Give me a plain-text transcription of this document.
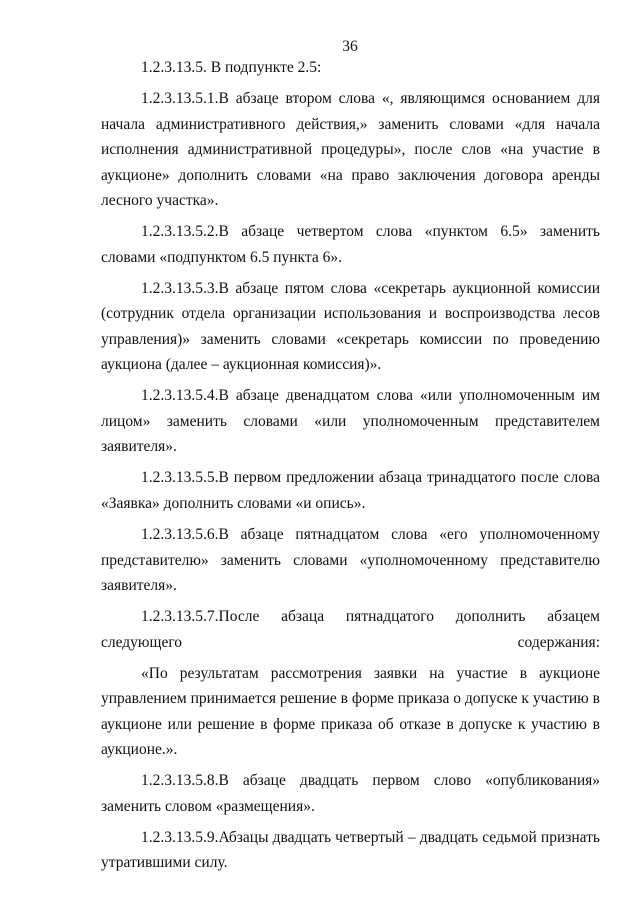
36

1.2.3.13.5. В подпункте 2.5:

1.2.3.13.5.1.В абзаце втором слова «, являющимся основанием для начала административного действия,» заменить словами «для начала исполнения административной процедуры», после слов «на участие в аукционе» дополнить словами «на право заключения договора аренды лесного участка».

1.2.3.13.5.2.В абзаце четвертом слова «пунктом 6.5» заменить словами «подпунктом 6.5 пункта 6».

1.2.3.13.5.3.В абзаце пятом слова «секретарь аукционной комиссии (сотрудник отдела организации использования и воспроизводства лесов управления)» заменить словами «секретарь комиссии по проведению аукциона (далее – аукционная комиссия)».

1.2.3.13.5.4.В абзаце двенадцатом слова «или уполномоченным им лицом» заменить словами «или уполномоченным представителем заявителя».

1.2.3.13.5.5.В первом предложении абзаца тринадцатого после слова «Заявка» дополнить словами «и опись».

1.2.3.13.5.6.В абзаце пятнадцатом слова «его уполномоченному представителю» заменить словами «уполномоченному представителю заявителя».

1.2.3.13.5.7.После абзаца пятнадцатого дополнить абзацем следующего содержания:

«По результатам рассмотрения заявки на участие в аукционе управлением принимается решение в форме приказа о допуске к участию в аукционе или решение в форме приказа об отказе в допуске к участию в аукционе.».

1.2.3.13.5.8.В абзаце двадцать первом слово «опубликования» заменить словом «размещения».

1.2.3.13.5.9.Абзацы двадцать четвертый – двадцать седьмой признать утратившими силу.
